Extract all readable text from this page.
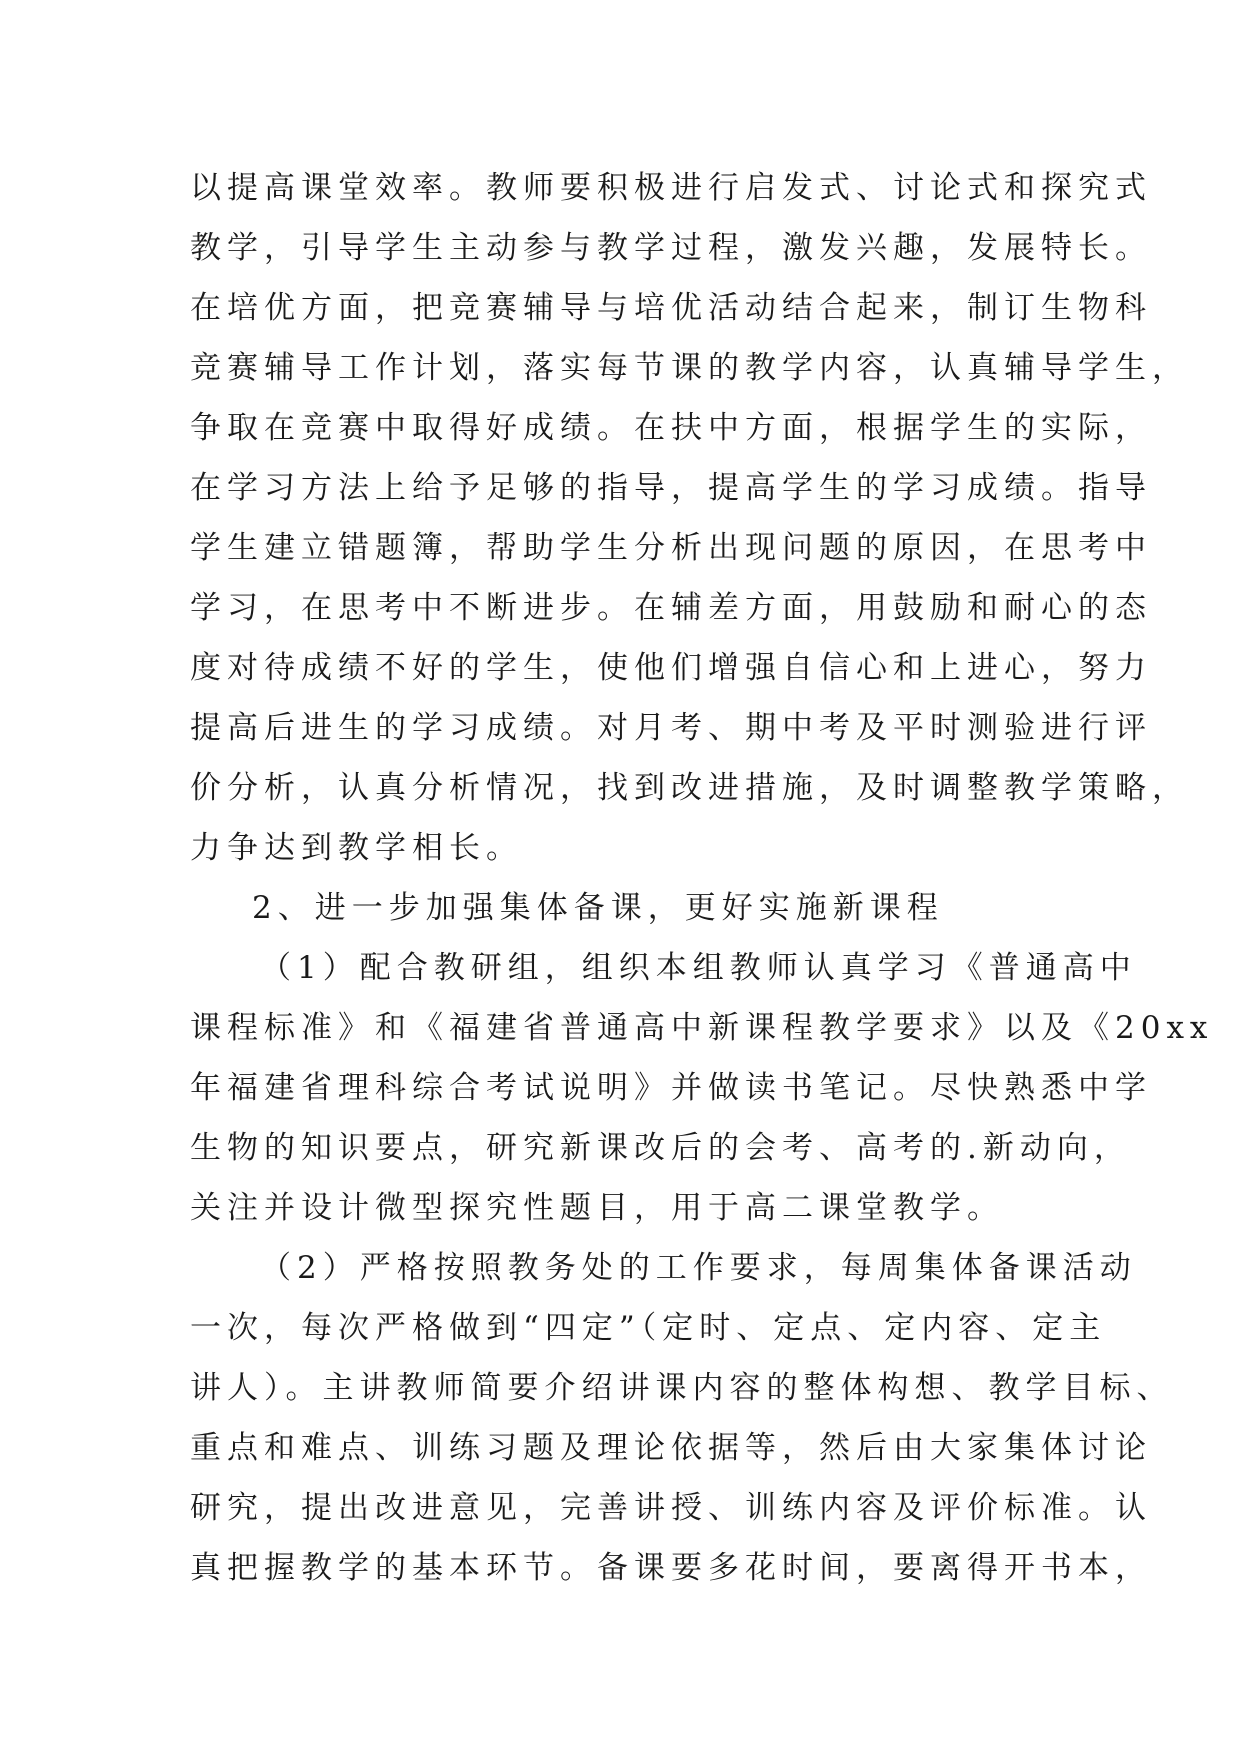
以提高课堂效率。教师要积极进行启发式、讨论式和探究式
教学，引导学生主动参与教学过程，激发兴趣，发展特长。
在培优方面，把竞赛辅导与培优活动结合起来，制订生物科
竞赛辅导工作计划，落实每节课的教学内容，认真辅导学生，
争取在竞赛中取得好成绩。在扶中方面，根据学生的实际，
在学习方法上给予足够的指导，提高学生的学习成绩。指导
学生建立错题簿，帮助学生分析出现问题的原因，在思考中
学习，在思考中不断进步。在辅差方面，用鼓励和耐心的态
度对待成绩不好的学生，使他们增强自信心和上进心，努力
提高后进生的学习成绩。对月考、期中考及平时测验进行评
价分析，认真分析情况，找到改进措施，及时调整教学策略，
力争达到教学相长。
2、进一步加强集体备课，更好实施新课程
（1）配合教研组，组织本组教师认真学习《普通高中
课程标准》和《福建省普通高中新课程教学要求》以及《20xx
年福建省理科综合考试说明》并做读书笔记。尽快熟悉中学
生物的知识要点，研究新课改后的会考、高考的.新动向，
关注并设计微型探究性题目，用于高二课堂教学。
（2）严格按照教务处的工作要求，每周集体备课活动
一次，每次严格做到“四定”（定时、定点、定内容、定主
讲人）。主讲教师简要介绍讲课内容的整体构想、教学目标、
重点和难点、训练习题及理论依据等，然后由大家集体讨论
研究，提出改进意见，完善讲授、训练内容及评价标准。认
真把握教学的基本环节。备课要多花时间，要离得开书本，
